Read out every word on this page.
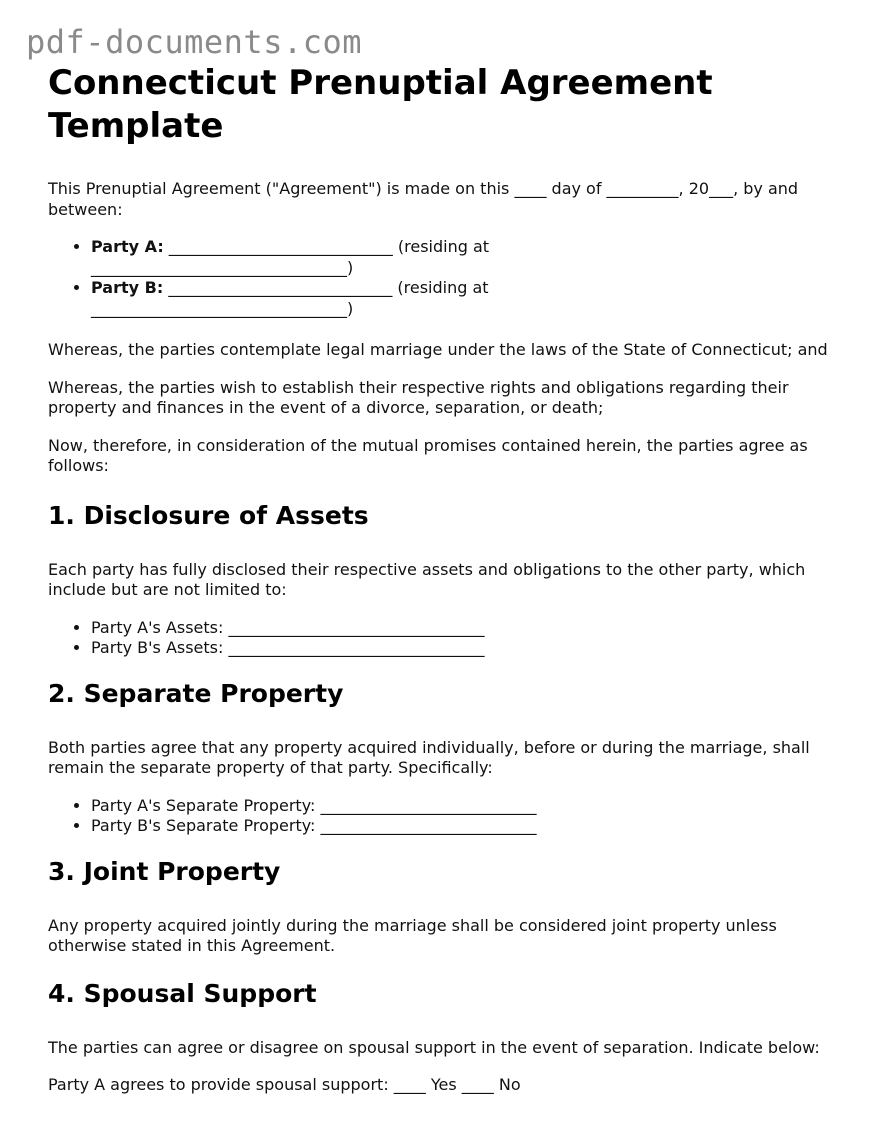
pdf-documents.com
Connecticut Prenuptial Agreement Template

This Prenuptial Agreement ("Agreement") is made on this ____ day of _________, 20___, by and between:

• Party A: ____________________________ (residing at ________________________________)
• Party B: ____________________________ (residing at ________________________________)

Whereas, the parties contemplate legal marriage under the laws of the State of Connecticut; and

Whereas, the parties wish to establish their respective rights and obligations regarding their property and finances in the event of a divorce, separation, or death;

Now, therefore, in consideration of the mutual promises contained herein, the parties agree as follows:

1. Disclosure of Assets

Each party has fully disclosed their respective assets and obligations to the other party, which include but are not limited to:

• Party A's Assets: ________________________________
• Party B's Assets: ________________________________
2. Separate Property

Both parties agree that any property acquired individually, before or during the marriage, shall remain the separate property of that party. Specifically:

• Party A's Separate Property: ___________________________
• Party B's Separate Property: ___________________________
3. Joint Property

Any property acquired jointly during the marriage shall be considered joint property unless otherwise stated in this Agreement.

4. Spousal Support

The parties can agree or disagree on spousal support in the event of separation. Indicate below:

Party A agrees to provide spousal support: ____ Yes ____ No
